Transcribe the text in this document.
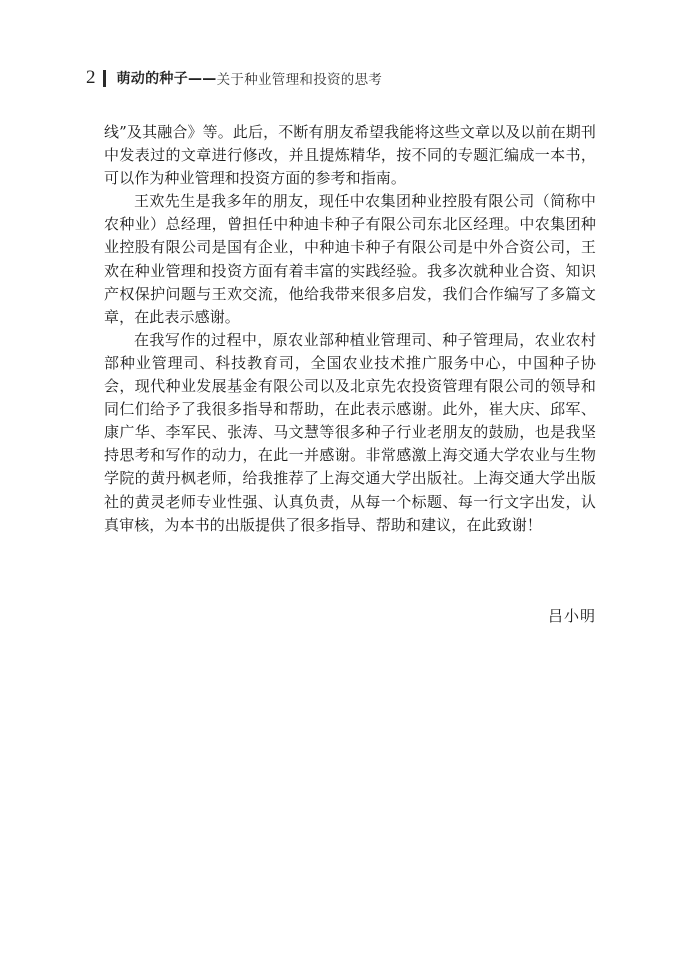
2 萌动的种子—— 关于种业管理和投资的思考

线”及其融合》等。此后，不断有朋友希望我能将这些文章以及以前在期刊中发表过的文章进行修改，并且提炼精华，按不同的专题汇编成一本书，可以作为种业管理和投资方面的参考和指南。

王欢先生是我多年的朋友，现任中农集团种业控股有限公司（简称中农种业）总经理，曾担任中种迪卡种子有限公司东北区经理。中农集团种业控股有限公司是国有企业，中种迪卡种子有限公司是中外合资公司，王欢在种业管理和投资方面有着丰富的实践经验。我多次就种业合资、知识产权保护问题与王欢交流，他给我带来很多启发，我们合作编写了多篇文章，在此表示感谢。

在我写作的过程中，原农业部种植业管理司、种子管理局，农业农村部种业管理司、科技教育司，全国农业技术推广服务中心，中国种子协会，现代种业发展基金有限公司以及北京先农投资管理有限公司的领导和同仁们给予了我很多指导和帮助，在此表示感谢。此外，崔大庆、邱军、康广华、李军民、张涛、马文慧等很多种子行业老朋友的鼓励，也是我坚持思考和写作的动力，在此一并感谢。非常感激上海交通大学农业与生物学院的黄丹枫老师，给我推荐了上海交通大学出版社。上海交通大学出版社的黄灵老师专业性强、认真负责，从每一个标题、每一行文字出发，认真审核，为本书的出版提供了很多指导、帮助和建议，在此致谢！

吕小明
